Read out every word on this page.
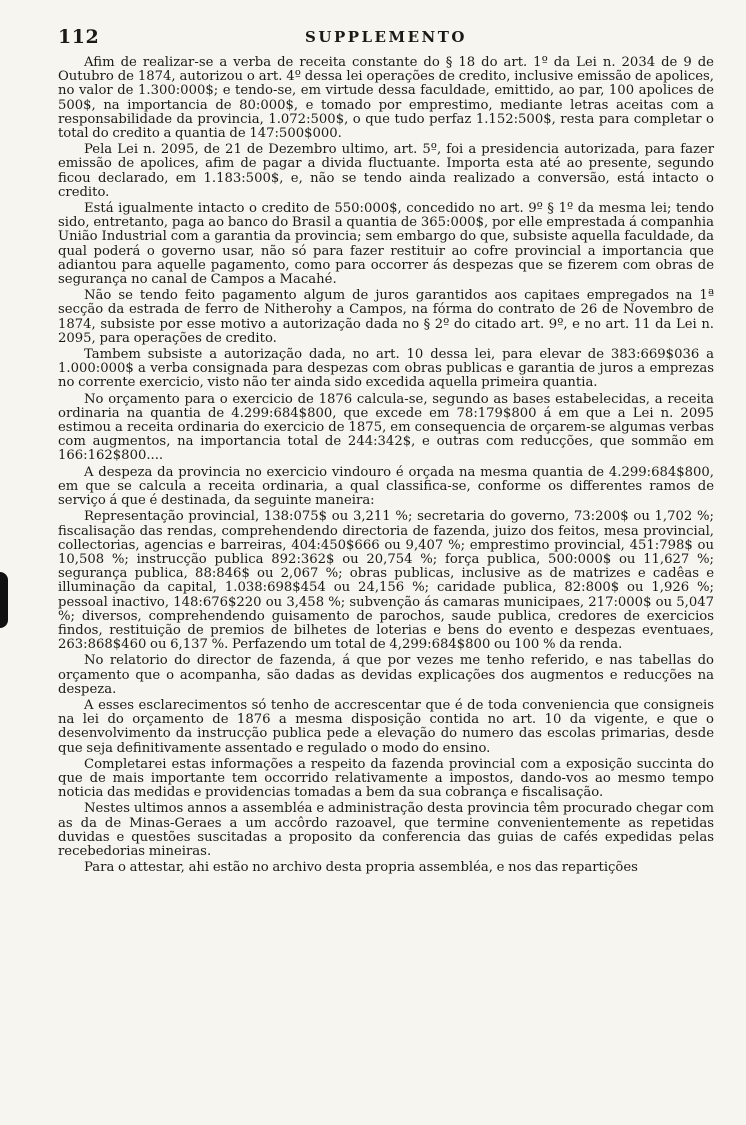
112	SUPPLEMENTO

Afim de realizar-se a verba de receita constante do § 18 do art. 1º da Lei n. 2034 de 9 de Outubro de 1874, autorizou o art. 4º dessa lei operações de credito, inclusive emissão de apolices, no valor de 1.300:000$; e tendo-se, em virtude dessa faculdade, emittido, ao par, 100 apolices de 500$, na importancia de 80:000$, e tomado por emprestimo, mediante letras aceitas com a responsabilidade da provincia, 1.072:500$, o que tudo perfaz 1.152:500$, resta para completar o total do credito a quantia de 147:500$000.

Pela Lei n. 2095, de 21 de Dezembro ultimo, art. 5º, foi a presidencia autorizada, para fazer emissão de apolices, afim de pagar a divida fluctuante. Importa esta até ao presente, segundo ficou declarado, em 1.183:500$, e, não se tendo ainda realizado a conversão, está intacto o credito.

Está igualmente intacto o credito de 550:000$, concedido no art. 9º § 1º da mesma lei; tendo sido, entretanto, paga ao banco do Brasil a quantia de 365:000$, por elle emprestada á companhia União Industrial com a garantia da provincia; sem embargo do que, subsiste aquella faculdade, da qual poderá o governo usar, não só para fazer restituir ao cofre provincial a importancia que adiantou para aquelle pagamento, como para occorrer ás despezas que se fizerem com obras de segurança no canal de Campos a Macahé.

Não se tendo feito pagamento algum de juros garantidos aos capitaes empregados na 1ª secção da estrada de ferro de Nitherohy a Campos, na fórma do contrato de 26 de Novembro de 1874, subsiste por esse motivo a autorização dada no § 2º do citado art. 9º, e no art. 11 da Lei n. 2095, para operações de credito.

Tambem subsiste a autorização dada, no art. 10 dessa lei, para elevar de 383:669$036 a 1.000:000$ a verba consignada para despezas com obras publicas e garantia de juros a emprezas no corrente exercicio, visto não ter ainda sido excedida aquella primeira quantia.

No orçamento para o exercicio de 1876 calcula-se, segundo as bases estabelecidas, a receita ordinaria na quantia de 4.299:684$800, que excede em 78:179$800 á em que a Lei n. 2095 estimou a receita ordinaria do exercicio de 1875, em consequencia de orçarem-se algumas verbas com augmentos, na importancia total de 244:342$, e outras com reducções, que sommão em 166:162$800....

A despeza da provincia no exercicio vindouro é orçada na mesma quantia de 4.299:684$800, em que se calcula a receita ordinaria, a qual classifica-se, conforme os differentes ramos de serviço á que é destinada, da seguinte maneira:

Representação provincial, 138:075$ ou 3,211 %; secretaria do governo, 73:200$ ou 1,702 %; fiscalisação das rendas, comprehendendo directoria de fazenda, juizo dos feitos, mesa provincial, collectorias, agencias e barreiras, 404:450$666 ou 9,407 %; emprestimo provincial, 451:798$ ou 10,508 %; instrucção publica 892:362$ ou 20,754 %; força publica, 500:000$ ou 11,627 %; segurança publica, 88:846$ ou 2,067 %; obras publicas, inclusive as de matrizes e cadêas e illuminação da capital, 1.038:698$454 ou 24,156 %; caridade publica, 82:800$ ou 1,926 %; pessoal inactivo, 148:676$220 ou 3,458 %; subvenção ás camaras municipaes, 217:000$ ou 5,047 %; diversos, comprehendendo guisamento de parochos, saude publica, credores de exercicios findos, restituição de premios de bilhetes de loterias e bens do evento e despezas eventuaes, 263:868$460 ou 6,137 %. Perfazendo um total de 4,299:684$800 ou 100 % da renda.

No relatorio do director de fazenda, á que por vezes me tenho referido, e nas tabellas do orçamento que o acompanha, são dadas as devidas explicações dos augmentos e reducções na despeza.

A esses esclarecimentos só tenho de accrescentar que é de toda conveniencia que consigneis na lei do orçamento de 1876 a mesma disposição contida no art. 10 da vigente, e que o desenvolvimento da instrucção publica pede a elevação do numero das escolas primarias, desde que seja definitivamente assentado e regulado o modo do ensino.

Completarei estas informações a respeito da fazenda provincial com a exposição succinta do que de mais importante tem occorrido relativamente a impostos, dando-vos ao mesmo tempo noticia das medidas e providencias tomadas a bem da sua cobrança e fiscalisação.

Nestes ultimos annos a assembléa e administração desta provincia têm procurado chegar com as da de Minas-Geraes a um accôrdo razoavel, que termine convenientemente as repetidas duvidas e questões suscitadas a proposito da conferencia das guias de cafés expedidas pelas recebedorias mineiras.

Para o attestar, ahi estão no archivo desta propria assembléa, e nos das repartições
